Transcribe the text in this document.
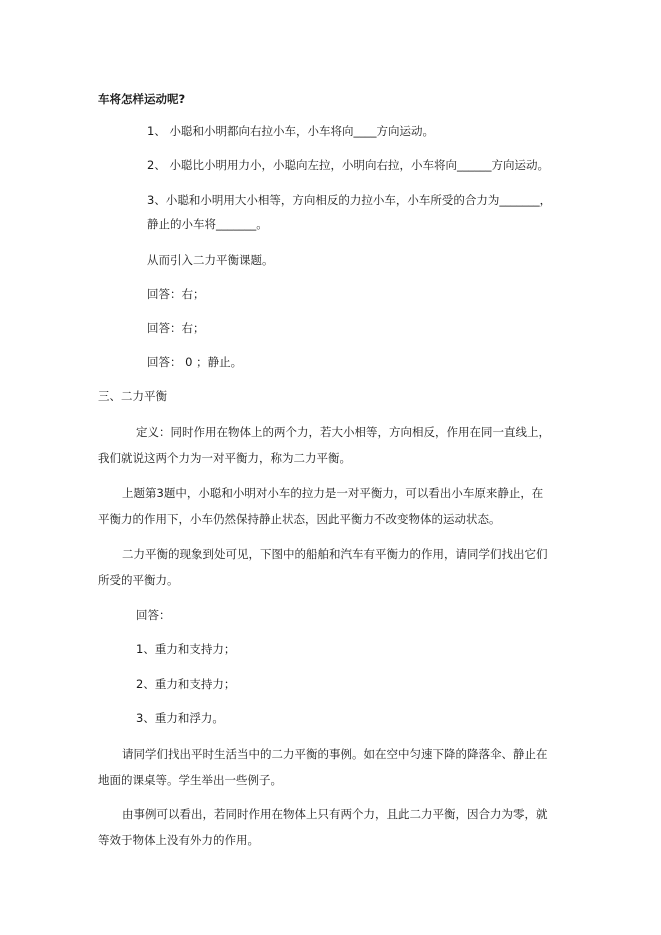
车将怎样运动呢?
1、 小聪和小明都向右拉小车，小车将向____方向运动。
2、 小聪比小明用力小，小聪向左拉，小明向右拉，小车将向______方向运动。
3、小聪和小明用大小相等，方向相反的力拉小车，小车所受的合力为_______，
静止的小车将_______。
从而引入二力平衡课题。
回答：右；
回答：右；
回答： 0 ；静止。
三、二力平衡
定义：同时作用在物体上的两个力，若大小相等，方向相反，作用在同一直线上，
我们就说这两个力为一对平衡力，称为二力平衡。
上题第3题中，小聪和小明对小车的拉力是一对平衡力，可以看出小车原来静止，在
平衡力的作用下，小车仍然保持静止状态，因此平衡力不改变物体的运动状态。
二力平衡的现象到处可见，下图中的船舶和汽车有平衡力的作用，请同学们找出它们
所受的平衡力。
回答：
1、重力和支持力；
2、重力和支持力；
3、重力和浮力。
请同学们找出平时生活当中的二力平衡的事例。如在空中匀速下降的降落伞、静止在
地面的课桌等。学生举出一些例子。
由事例可以看出，若同时作用在物体上只有两个力，且此二力平衡，因合力为零，就
等效于物体上没有外力的作用。
